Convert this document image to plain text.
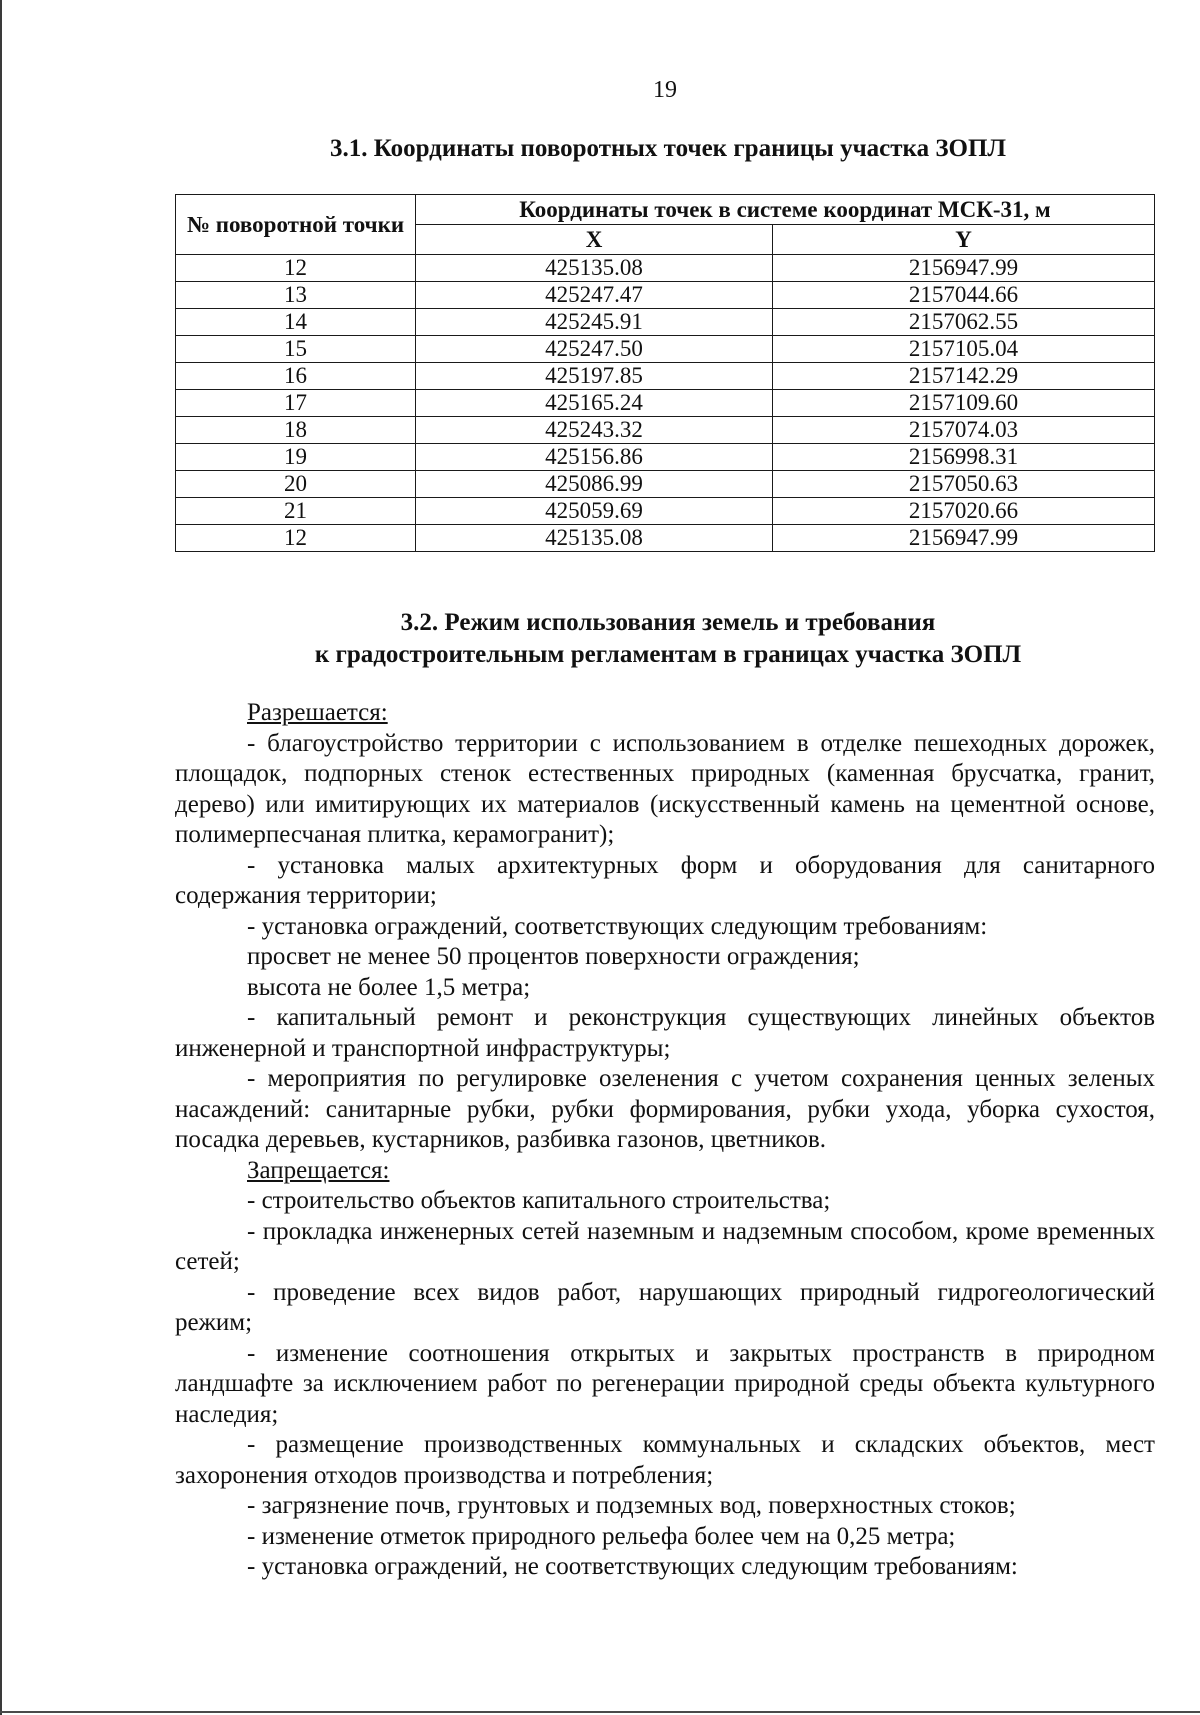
19
3.1. Координаты поворотных точек границы участка ЗОПЛ
№ поворотной точки	Координаты точек в системе координат МСК-31, м	
	X	Y
12	425135.08	2156947.99
13	425247.47	2157044.66
14	425245.91	2157062.55
15	425247.50	2157105.04
16	425197.85	2157142.29
17	425165.24	2157109.60
18	425243.32	2157074.03
19	425156.86	2156998.31
20	425086.99	2157050.63
21	425059.69	2157020.66
12	425135.08	2156947.99
3.2. Режим использования земель и требования
к градостроительным регламентам в границах участка ЗОПЛ

Разрешается:

- благоустройство территории с использованием в отделке пешеходных дорожек, площадок, подпорных стенок естественных природных (каменная брусчатка, гранит, дерево) или имитирующих их материалов (искусственный камень на цементной основе, полимерпесчаная плитка, керамогранит);

- установка малых архитектурных форм и оборудования для санитарного содержания территории;

- установка ограждений, соответствующих следующим требованиям:

просвет не менее 50 процентов поверхности ограждения;

высота не более 1,5 метра;

- капитальный ремонт и реконструкция существующих линейных объектов инженерной и транспортной инфраструктуры;

- мероприятия по регулировке озеленения с учетом сохранения ценных зеленых насаждений: санитарные рубки, рубки формирования, рубки ухода, уборка сухостоя, посадка деревьев, кустарников, разбивка газонов, цветников.

Запрещается:

- строительство объектов капитального строительства;

- прокладка инженерных сетей наземным и надземным способом, кроме временных сетей;

- проведение всех видов работ, нарушающих природный гидрогеологический режим;

- изменение соотношения открытых и закрытых пространств в природном ландшафте за исключением работ по регенерации природной среды объекта культурного наследия;

- размещение производственных коммунальных и складских объектов, мест захоронения отходов производства и потребления;

- загрязнение почв, грунтовых и подземных вод, поверхностных стоков;

- изменение отметок природного рельефа более чем на 0,25 метра;

- установка ограждений, не соответствующих следующим требованиям:
